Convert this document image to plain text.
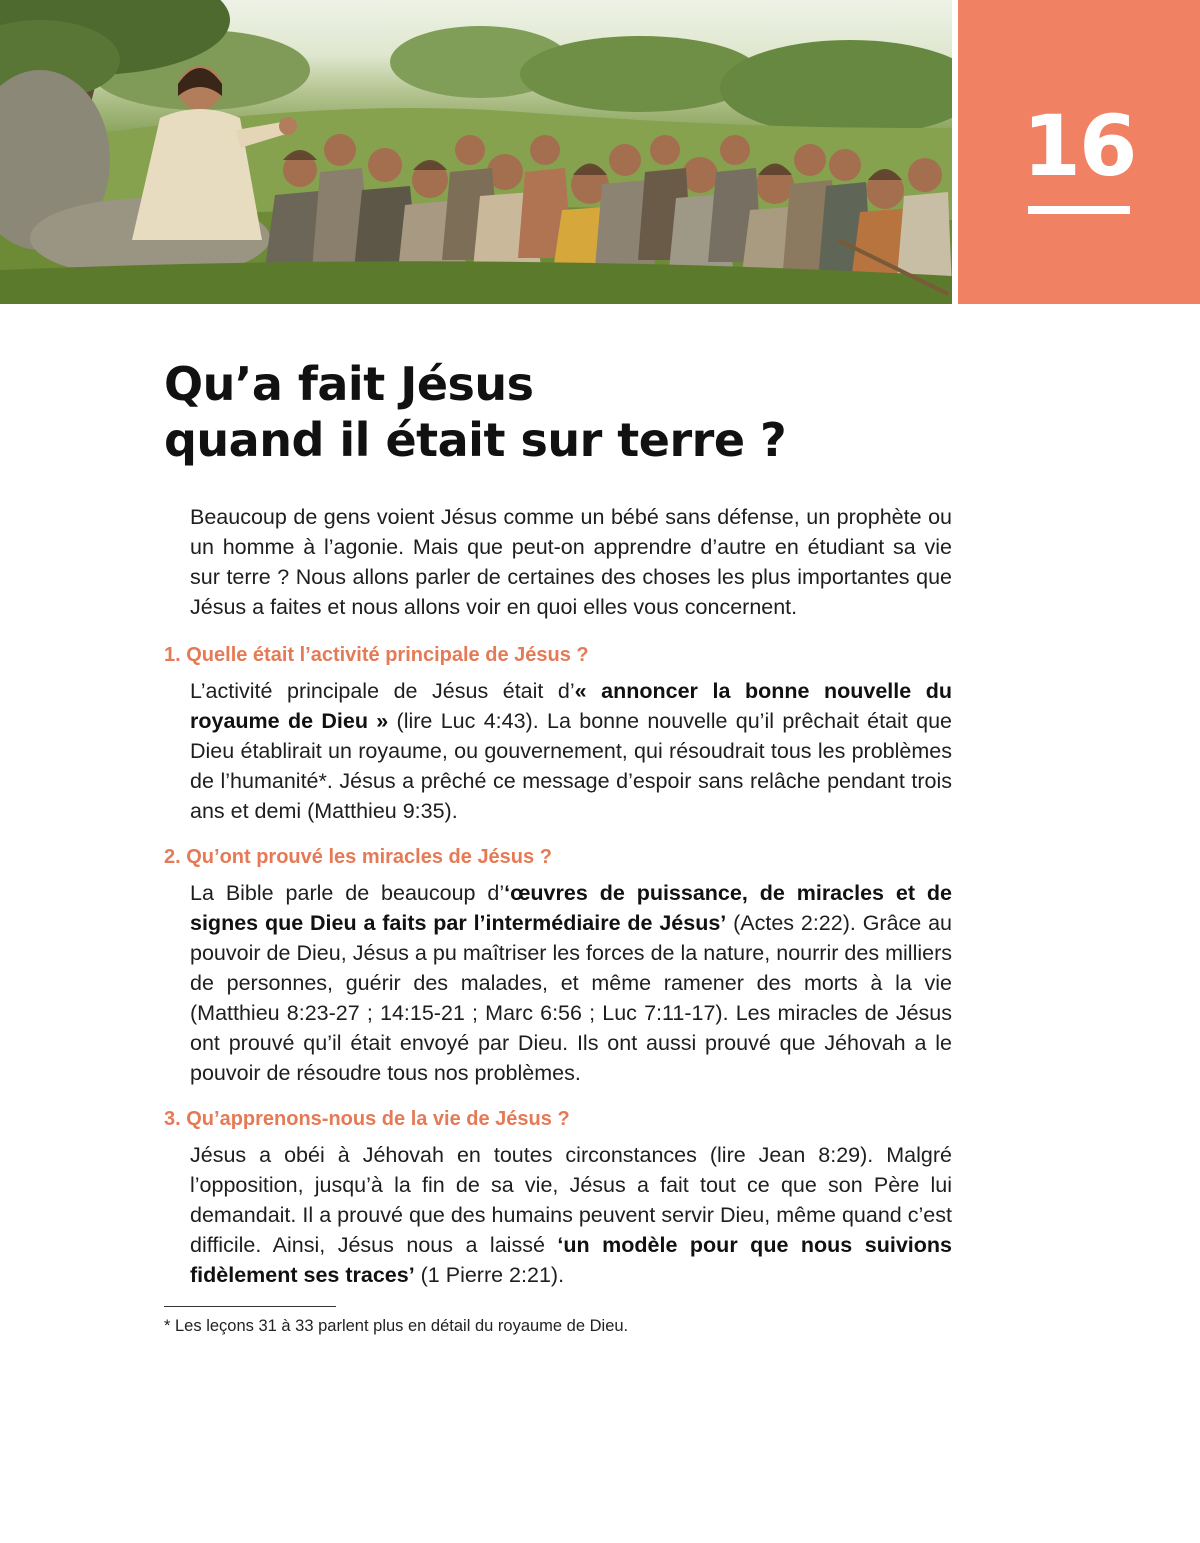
16
Qu’a fait Jésus
quand il était sur terre ?

Beaucoup de gens voient Jésus comme un bébé sans défense, un prophète ou un homme à l’agonie. Mais que peut-on apprendre d’autre en étudiant sa vie sur terre ? Nous allons parler de certaines des choses les plus importantes que Jésus a faites et nous allons voir en quoi elles vous concernent.

1. Quelle était l’activité principale de Jésus ?

L’activité principale de Jésus était d’« annoncer la bonne nouvelle du royaume de Dieu » (lire Luc 4:43). La bonne nouvelle qu’il prêchait était que Dieu établirait un royaume, ou gouvernement, qui résoudrait tous les problèmes de l’humanité*. Jésus a prêché ce message d’espoir sans relâche pendant trois ans et demi (Matthieu 9:35).

2. Qu’ont prouvé les miracles de Jésus ?

La Bible parle de beaucoup d’‘œuvres de puissance, de miracles et de signes que Dieu a faits par l’intermédiaire de Jésus’ (Actes 2:22). Grâce au pouvoir de Dieu, Jésus a pu maîtriser les forces de la nature, nourrir des milliers de personnes, guérir des malades, et même ramener des morts à la vie (Matthieu 8:23-27 ; 14:15-21 ; Marc 6:56 ; Luc 7:11-17). Les miracles de Jésus ont prouvé qu’il était envoyé par Dieu. Ils ont aussi prouvé que Jéhovah a le pouvoir de résoudre tous nos problèmes.

3. Qu’apprenons-nous de la vie de Jésus ?

Jésus a obéi à Jéhovah en toutes circonstances (lire Jean 8:29). Malgré l’opposition, jusqu’à la fin de sa vie, Jésus a fait tout ce que son Père lui demandait. Il a prouvé que des humains peuvent servir Dieu, même quand c’est difficile. Ainsi, Jésus nous a laissé ‘un modèle pour que nous suivions fidèlement ses traces’ (1 Pierre 2:21).

* Les leçons 31 à 33 parlent plus en détail du royaume de Dieu.
